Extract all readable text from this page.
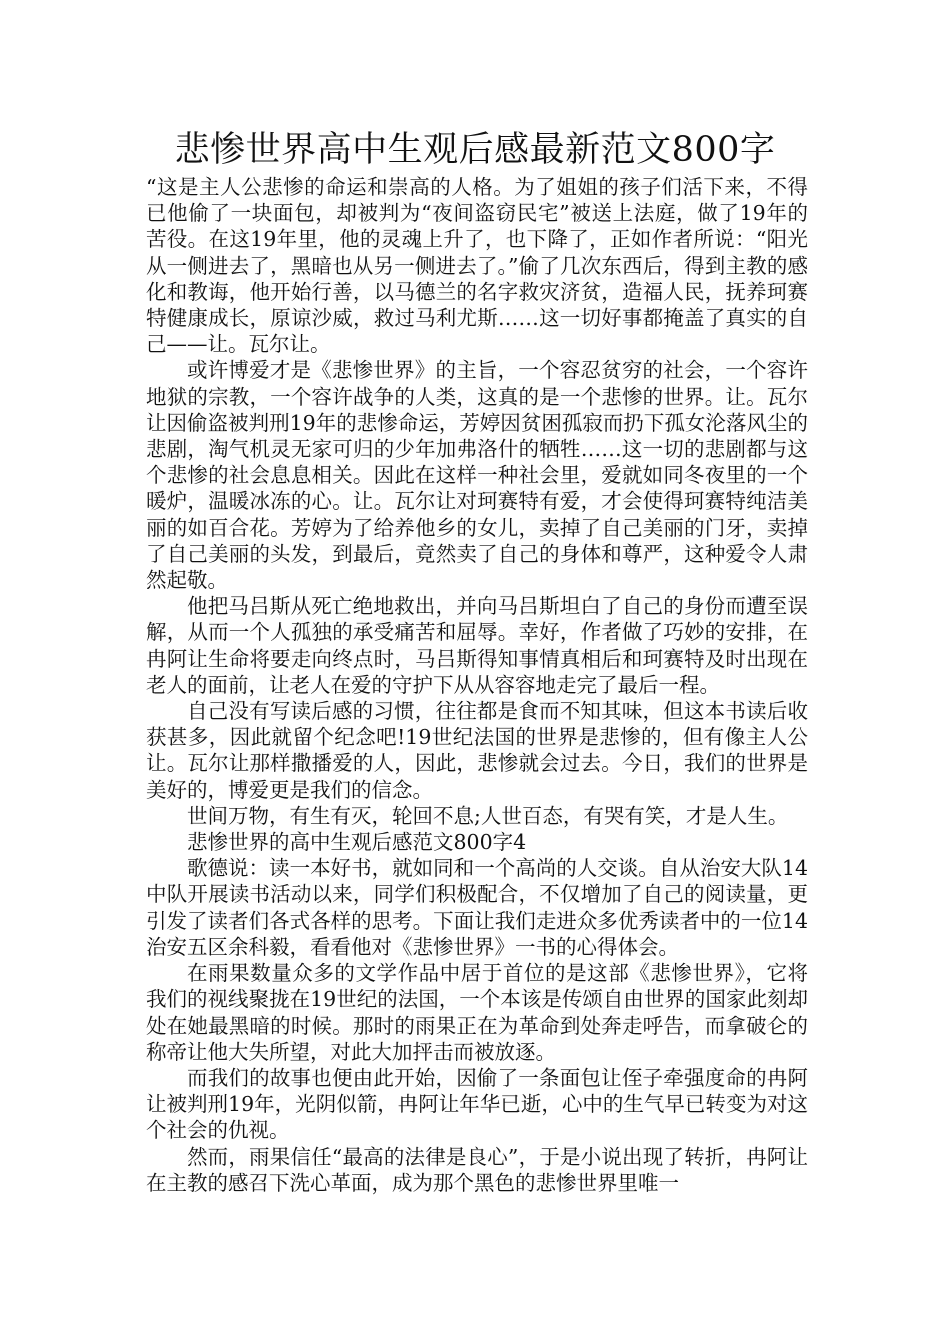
悲惨世界高中生观后感最新范文800字

“这是主人公悲惨的命运和崇高的人格。为了姐姐的孩子们活下来，不得已他偷了一块面包，却被判为“夜间盗窃民宅”被送上法庭，做了19年的苦役。在这19年里，他的灵魂上升了，也下降了，正如作者所说：“阳光从一侧进去了，黑暗也从另一侧进去了。”偷了几次东西后，得到主教的感化和教诲，他开始行善，以马德兰的名字救灾济贫，造福人民，抚养珂赛特健康成长，原谅沙威，救过马利尤斯……这一切好事都掩盖了真实的自己——让。瓦尔让。

或许博爱才是《悲惨世界》的主旨，一个容忍贫穷的社会，一个容许地狱的宗教，一个容许战争的人类，这真的是一个悲惨的世界。让。瓦尔让因偷盗被判刑19年的悲惨命运，芳婷因贫困孤寂而扔下孤女沦落风尘的悲剧，淘气机灵无家可归的少年加弗洛什的牺牲……这一切的悲剧都与这个悲惨的社会息息相关。因此在这样一种社会里，爱就如同冬夜里的一个暖炉，温暖冰冻的心。让。瓦尔让对珂赛特有爱，才会使得珂赛特纯洁美丽的如百合花。芳婷为了给养他乡的女儿，卖掉了自己美丽的门牙，卖掉了自己美丽的头发，到最后，竟然卖了自己的身体和尊严，这种爱令人肃然起敬。

他把马吕斯从死亡绝地救出，并向马吕斯坦白了自己的身份而遭至误解，从而一个人孤独的承受痛苦和屈辱。幸好，作者做了巧妙的安排，在冉阿让生命将要走向终点时，马吕斯得知事情真相后和珂赛特及时出现在老人的面前，让老人在爱的守护下从从容容地走完了最后一程。

自己没有写读后感的习惯，往往都是食而不知其味，但这本书读后收获甚多，因此就留个纪念吧!19世纪法国的世界是悲惨的，但有像主人公让。瓦尔让那样撒播爱的人，因此，悲惨就会过去。今日，我们的世界是美好的，博爱更是我们的信念。

世间万物，有生有灭，轮回不息;人世百态，有哭有笑，才是人生。

悲惨世界的高中生观后感范文800字4

歌德说：读一本好书，就如同和一个高尚的人交谈。自从治安大队14中队开展读书活动以来，同学们积极配合，不仅增加了自己的阅读量，更引发了读者们各式各样的思考。下面让我们走进众多优秀读者中的一位14治安五区余科毅，看看他对《悲惨世界》一书的心得体会。

在雨果数量众多的文学作品中居于首位的是这部《悲惨世界》，它将我们的视线聚拢在19世纪的法国，一个本该是传颂自由世界的国家此刻却处在她最黑暗的时候。那时的雨果正在为革命到处奔走呼告，而拿破仑的称帝让他大失所望，对此大加抨击而被放逐。

而我们的故事也便由此开始，因偷了一条面包让侄子牵强度命的冉阿让被判刑19年，光阴似箭，冉阿让年华已逝，心中的生气早已转变为对这个社会的仇视。

然而，雨果信任“最高的法律是良心”，于是小说出现了转折，冉阿让在主教的感召下洗心革面，成为那个黑色的悲惨世界里唯一
